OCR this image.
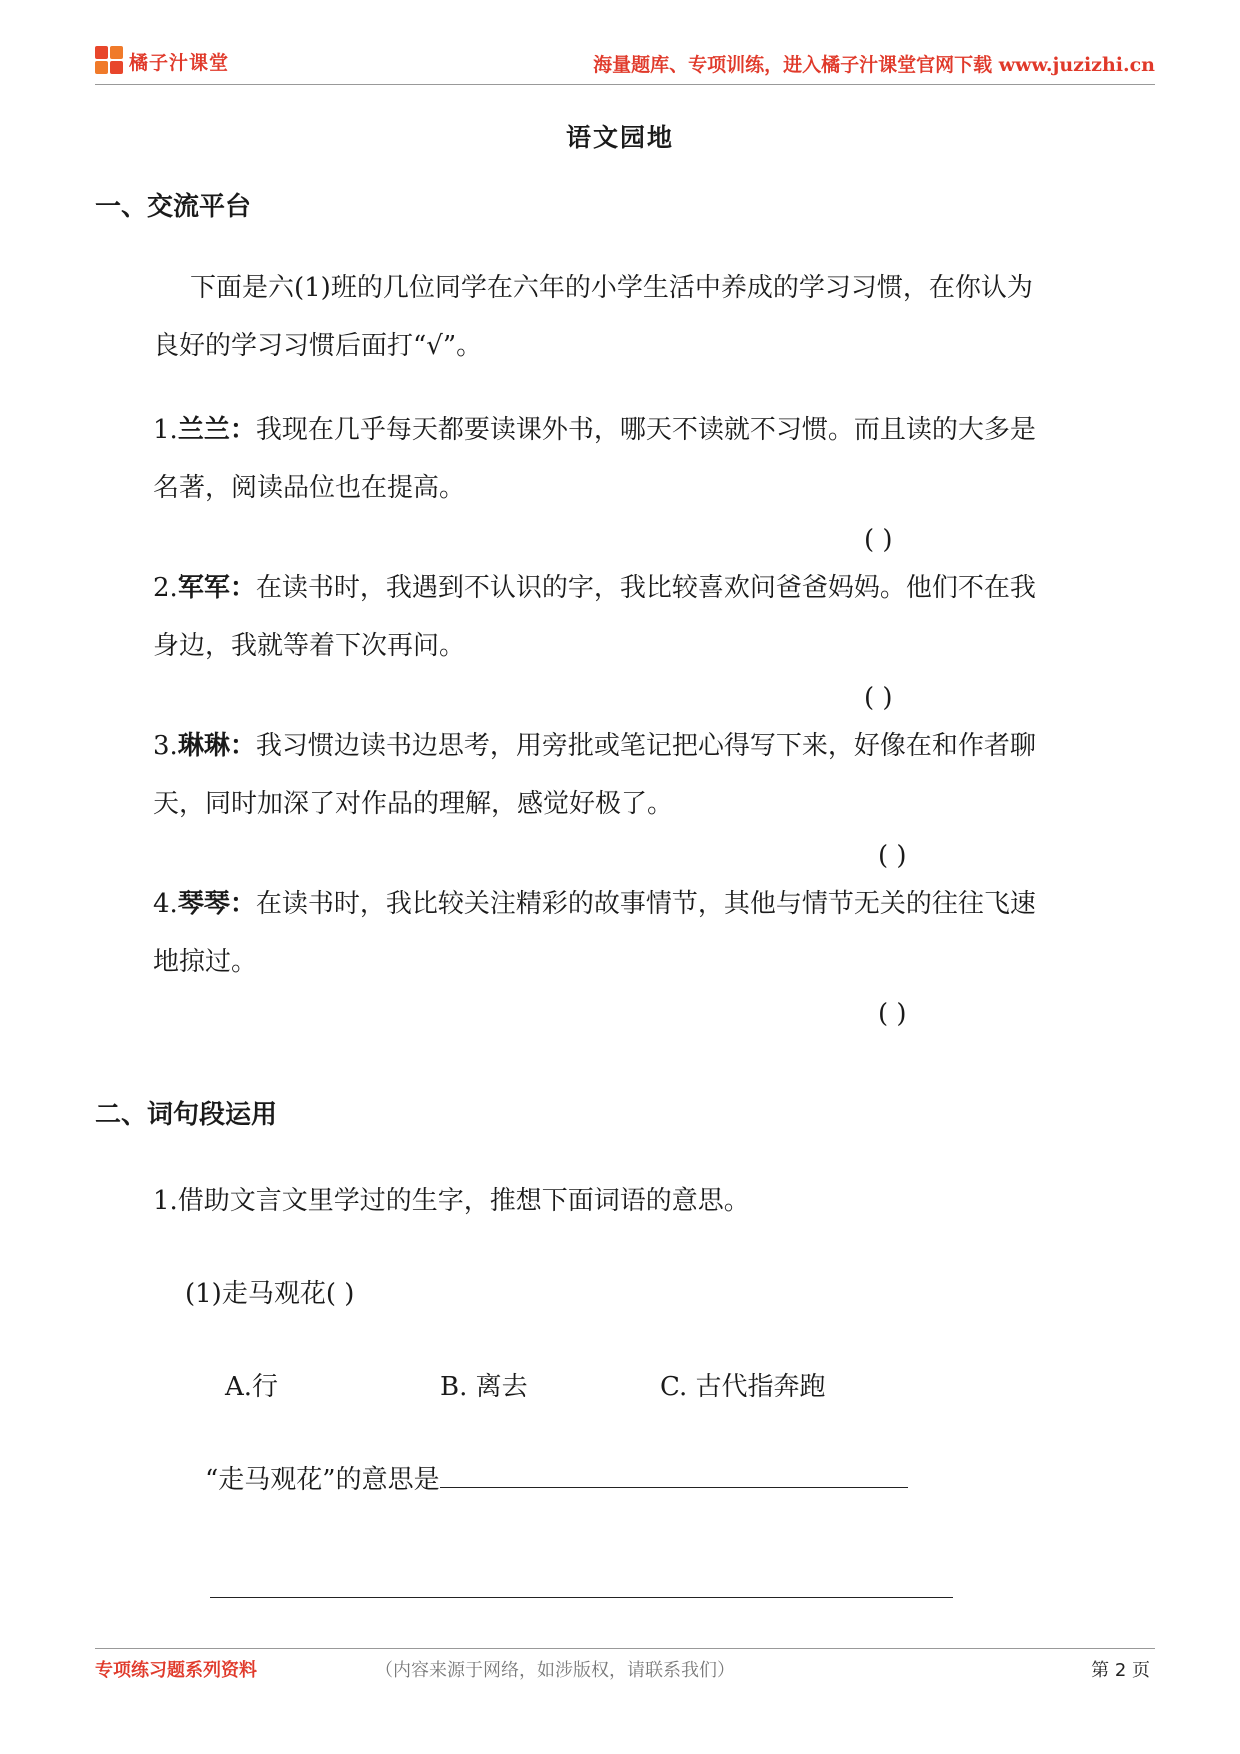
橘子汁课堂	海量题库、专项训练，进入橘子汁课堂官网下载 www.juzizhi.cn
语文园地
一、交流平台
下面是六(1)班的几位同学在六年的小学生活中养成的学习习惯，在你认为
良好的学习习惯后面打“√”。
1.兰兰：我现在几乎每天都要读课外书，哪天不读就不习惯。而且读的大多是
名著，阅读品位也在提高。
( )
2.军军：在读书时，我遇到不认识的字，我比较喜欢问爸爸妈妈。他们不在我
身边，我就等着下次再问。
( )
3.琳琳：我习惯边读书边思考，用旁批或笔记把心得写下来，好像在和作者聊
天，同时加深了对作品的理解，感觉好极了。
( )
4.琴琴：在读书时，我比较关注精彩的故事情节，其他与情节无关的往往飞速
地掠过。
( )
二、词句段运用
1.借助文言文里学过的生字，推想下面词语的意思。
(1)走马观花( )
A.行	B. 离去	C. 古代指奔跑
“走马观花”的意思是
专项练习题系列资料	（内容来源于网络，如涉版权，请联系我们）	第 2 页
